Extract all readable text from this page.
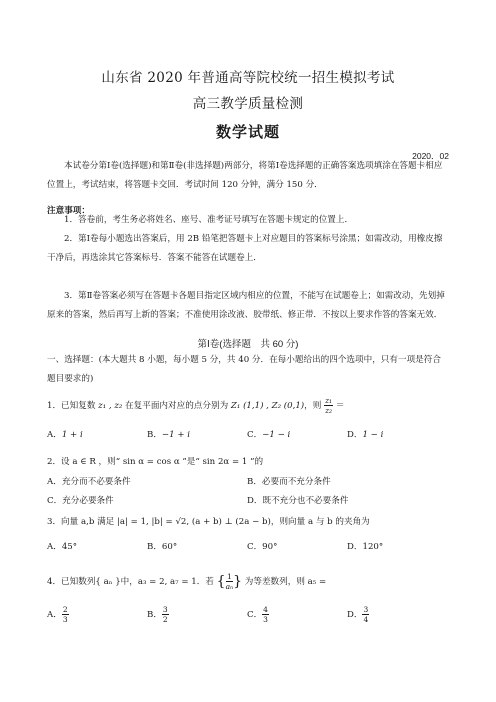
山东省 2020 年普通高等院校统一招生模拟考试
高三教学质量检测
数学试题
2020．02
本试卷分第Ⅰ卷(选择题)和第Ⅱ卷(非选择题)两部分，将第Ⅰ卷选择题的正确答案选项填涂在答题卡相应位置上，考试结束，将答题卡交回．考试时间 120 分钟，满分 150 分．
注意事项：
1．答卷前，考生务必将姓名、座号、准考证号填写在答题卡规定的位置上．
2．第Ⅰ卷每小题选出答案后，用 2B 铅笔把答题卡上对应题目的答案标号涂黑；如需改动，用橡皮擦干净后，再选涂其它答案标号．答案不能答在试题卷上．
第Ⅰ卷(选择题　共 60 分)
一、选择题：(本大题共 8 小题，每小题 5 分，共 40 分．在每小题给出的四个选项中，只有一项是符合题目要求的)
1．已知复数 z₁ , z₂ 在复平面内对应的点分别为 Z₁ (1,1) , Z₂ (0,1)，则 $\frac{\text{z₁}}{\text{z₂}}$ ＝
A．1 + i	B．−1 + i	C．−1 − i	D．1 − i
2．设 a ∈ R ，则“ sin α = cos α ”是“ sin 2α = 1 ”的
A．充分而不必要条件	B．必要而不充分条件
C．充分必要条件	D．既不充分也不必要条件
3．向量 a,b 满足 |a| = 1, |b| = √2, (a + b) ⊥ (2a − b)，则向量 a 与 b 的夹角为
A．45°	B．60°	C．90°	D．120°
4．已知数列{ aₙ }中，a₃ = 2, a₇ = 1．若 { $\frac{1}{\text{aₙ}}$ } 为等差数列，则 a₅ =
A． $\frac{2}{3}$	B． $\frac{3}{2}$	C． $\frac{4}{3}$	D． $\frac{3}{4}$
3．第Ⅱ卷答案必须写在答题卡各题目指定区域内相应的位置，不能写在试题卷上；如需改动，先划掉原来的答案，然后再写上新的答案；不准使用涂改液、胶带纸、修正带．不按以上要求作答的答案无效．
